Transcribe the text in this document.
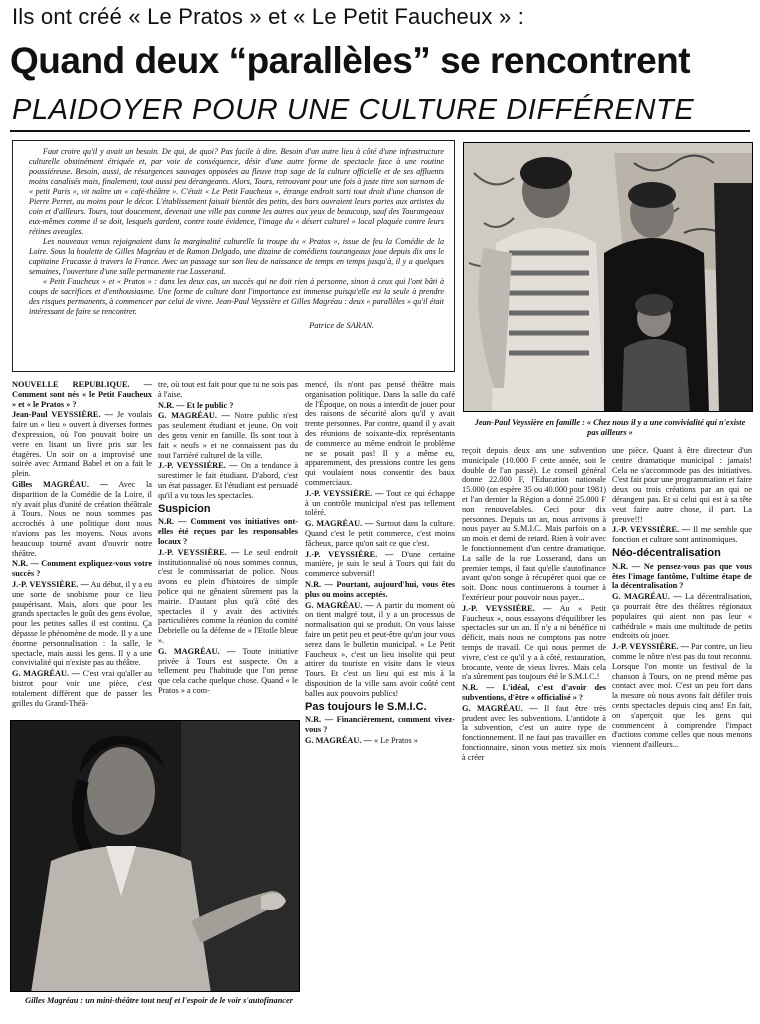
Ils ont créé « Le Pratos » et « Le Petit Faucheux » :
Quand deux “parallèles” se rencontrent
PLAIDOYER POUR UNE CULTURE DIFFÉRENTE

Faut croire qu'il y avait un besoin. De qui, de quoi? Pas facile à dire. Besoin d'un autre lieu à côté d'une infrastructure culturelle obstinément étriquée et, par voie de conséquence, désir d'une autre forme de spectacle face à une routine poussiéreuse. Besoin, aussi, de résurgences sauvages opposées au fleuve trop sage de la culture officielle et de ses affluents moins canalisés mais, finalement, tout aussi peu dérangeants. Alors, Tours, retrouvant pour une fois à juste titre son surnom de « petit Paris », vit naître un « café-théâtre ». C'était « Le Petit Faucheux », étrange endroit sorti tout droit d'une chanson de Pierre Perret, au moins pour le décor. L'établissement faisait bientôt des petits, des bars ouvraient leurs portes aux artistes du coin et d'ailleurs. Tours, tout doucement, devenait une ville pas comme les autres aux yeux de beaucoup, sauf des Tourangeaux eux-mêmes comme il se doit, lesquels gardent, contre toute évidence, l'image du « désert culturel » local plaquée contre leurs rétines aveugles.

Les nouveaux venus rejoignaient dans la marginalité culturelle la troupe du « Pratos », issue de feu la Comédie de la Loire. Sous la houlette de Gilles Magréau et de Ramon Delgado, une dizaine de comédiens tourangeaux joue depuis dix ans le capitaine Fracasse à travers la France. Avec un passage sur son lieu de naissance de temps en temps jusqu'à, il y a quelques semaines, l'ouverture d'une salle permanente rue Losserand.

« Petit Faucheux » et « Pratos » : dans les deux cas, un succès qui ne doit rien à personne, sinon à ceux qui l'ont bâti à coups de sacrifices et d'enthousiasme. Une forme de culture dont l'importance est immense puisqu'elle est la seule à prendre des risques permanents, à commencer par celui de vivre. Jean-Paul Veyssière et Gilles Magréau : deux « parallèles » qu'il était intéressant de faire se rencontrer.

Patrice de SARAN.
Jean-Paul Veyssière en famille : « Chez nous il y a une convivialité qui n'existe pas ailleurs »
Gilles Magréau : un mini-théâtre tout neuf et l'espoir de le voir s'autofinancer

NOUVELLE REPUBLIQUE. — Comment sont nés « le Petit Faucheux » et « le Pratos » ?

Jean-Paul VEYSSIÈRE. — Je voulais faire un « lieu » ouvert à diverses formes d'expression, où l'on pouvait boire un verre en lisant un livre pris sur les étagères. Un soir on a improvisé une soirée avec Armand Babel et on a fait le plein.

Gilles MAGRÉAU. — Avec la disparition de la Comédie de la Loire, il n'y avait plus d'unité de création théâtrale à Tours. Nous ne nous sommes pas accrochés à une politique dont nous n'avions pas les moyens. Nous avons beaucoup tourné avant d'ouvrir notre théâtre.

N.R. — Comment expliquez-vous votre succès ?

J.-P. VEYSSIÈRE. — Au début, il y a eu une sorte de snobisme pour ce lieu paupérisant. Mais, alors que pour les grands spectacles le goût des gens évolue, pour les petites salles il est continu. Ça dépasse le phénomène de mode. Il y a une énorme personnalisation : la salle, le spectacle, mais aussi les gens. Il y a une convivialité qui n'existe pas au théâtre.

G. MAGRÉAU. — C'est vrai qu'aller au bistrot pour voir une pièce, c'est totalement différent que de passer les grilles du Grand-Théâ-

tre, où tout est fait pour que tu ne sois pas à l'aise.

N.R. — Et le public ?

G. MAGRÉAU. — Notre public n'est pas seulement étudiant et jeune. On voit des gens venir en famille. Ils sont tout à fait « neufs » et ne connaissent pas du tout l'arriéré culturel de la ville.

J.-P. VEYSSIÈRE. — On a tendance à surestimer le fait étudiant. D'abord, c'est un état passager. Et l'étudiant est persuadé qu'il a vu tous les spectacles.

Suspicion

N.R. — Comment vos initiatives ont-elles été reçues par les responsables locaux ?

J.-P. VEYSSIÈRE. — Le seul endroit institutionnalisé où nous sommes connus, c'est le commissariat de police. Nous avons eu plein d'histoires de simple police qui ne gênaient sûrement pas la mairie. D'autant plus qu'à côté des spectacles il y avait des activités particulières comme la réunion du comité Debrielle ou la défense de « l'Etoile bleue ».

G. MAGRÉAU. — Toute initiative privée à Tours est suspecte. On a tellement peu l'habitude que l'on pense que cela cache quelque chose. Quand « le Pratos » a com-

mencé, ils n'ont pas pensé théâtre mais organisation politique. Dans la salle du café de l'Époque, on nous a interdit de jouer pour des raisons de sécurité alors qu'il y avait trente personnes. Par contre, quand il y avait des réunions de soixante-dix représentants de commerce au même endroit le problème ne se posait pas! Il y a même eu, apparemment, des pressions contre les gens qui voulaient nous consentir des baux commerciaux.

J.-P. VEYSSIÈRE. — Tout ce qui échappe à un contrôle municipal n'est pas tellement toléré.

G. MAGRÉAU. — Surtout dans la culture. Quand c'est le petit commerce, c'est moins fâcheux, parce qu'on sait ce que c'est.

J.-P. VEYSSIÈRE. — D'une certaine manière, je suis le seul à Tours qui fait du commerce subversif!

N.R. — Pourtant, aujourd'hui, vous êtes plus ou moins acceptés.

G. MAGRÉAU. — A partir du moment où on tient malgré tout, il y a un processus de normalisation qui se produit. On vous laisse faire un petit peu et peut-être qu'un jour vous serez dans le bulletin municipal. « Le Petit Faucheux », c'est un lieu insolite qui peut attirer du touriste en visite dans le vieux Tours. Et c'est un lieu qui est mis à la disposition de la ville sans avoir coûté cent balles aux pouvoirs publics!

Pas toujours le S.M.I.C.

N.R. — Financièrement, comment vivez-vous ?

G. MAGRÉAU. — « Le Pratos »

reçoit depuis deux ans une subvention municipale (10.000 F cette année, soit le double de l'an passé). Le conseil général donne 22.000 F, l'Education nationale 15.000 (on espère 35 ou 40.000 pour 1981) et l'an dernier la Région a donné 25.000 F non renouvelables. Ceci pour dix personnes. Depuis un an, nous arrivons à nous payer au S.M.I.C. Mais parfois on a un mois et demi de retard. Rien à voir avec le fonctionnement d'un centre dramatique. La salle de la rue Losserand, dans un premier temps, il faut qu'elle s'autofinance avant qu'on songe à récupérer quoi que ce soit. Donc nous continuerons à tourner à l'extérieur pour pouvoir nous payer...

J.-P. VEYSSIÈRE. — Au « Petit Faucheux », nous essayons d'équilibrer les spectacles sur un an. Il n'y a ni bénéfice ni déficit, mais nous ne comptons pas notre temps de travail. Ce qui nous permet de vivre, c'est ce qu'il y a à côté, restauration, brocante, vente de vieux livres. Mais cela n'a sûrement pas toujours été le S.M.I.C.!

N.R. — L'idéal, c'est d'avoir des subventions, d'être « officialisé » ?

G. MAGRÉAU. — Il faut être très prudent avec les subventions. L'antidote à la subvention, c'est un autre type de fonctionnement. Il ne faut pas travailler en fonctionnaire, sinon vous mettez six mois à créer

une pièce. Quant à être directeur d'un centre dramatique municipal : jamais! Cela ne s'accommode pas des initiatives. C'est fait pour une programmation et faire deux ou trois créations par an qui ne dérangent pas. Et si celui qui est à sa tête veut faire autre chose, il part. La preuve!!!

J.-P. VEYSSIÈRE. — Il me semble que fonction et culture sont antinomiques.

Néo-décentralisation

N.R. — Ne pensez-vous pas que vous êtes l'image fantôme, l'ultime étape de la décentralisation ?

G. MAGRÉAU. — La décentralisation, ça pourrait être des théâtres régionaux populaires qui aient non pas leur « cathédrale » mais une multitude de petits endroits où jouer.

J.-P. VEYSSIÈRE. — Par contre, un lieu comme le nôtre n'est pas du tout reconnu. Lorsque l'on monte un festival de la chanson à Tours, on ne prend même pas contact avec moi. C'est un peu fort dans la mesure où nous avons fait défiler trois cents spectacles depuis cinq ans! En fait, on s'aperçoit que les gens qui commencent à comprendre l'impact d'actions comme celles que nous menons viennent d'ailleurs...
